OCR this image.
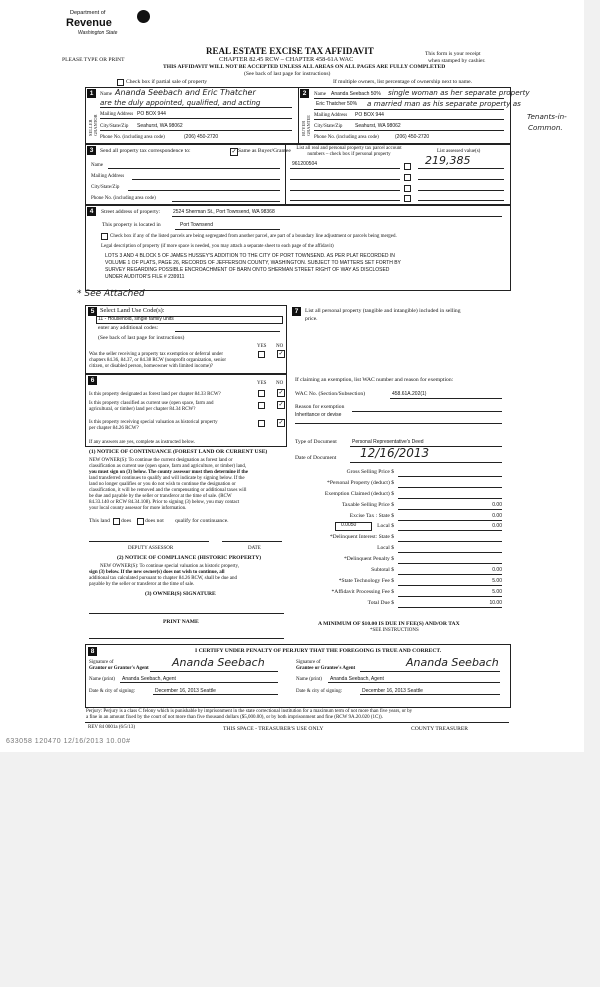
Department of
Revenue
Washington State
PLEASE TYPE OR PRINT
REAL ESTATE EXCISE TAX AFFIDAVIT
CHAPTER 82.45 RCW – CHAPTER 458-61A WAC
THIS AFFIDAVIT WILL NOT BE ACCEPTED UNLESS ALL AREAS ON ALL PAGES ARE FULLY COMPLETED
(See back of last page for instructions)
This form is your receipt
when stamped by cashier.
Check box if partial sale of property	If multiple owners, list percentage of ownership next to name.
1	2
SELLER GRANTOR	BUYER GRANTEE
Name Ananda Seebach and Eric Thatcher
are the duly appointed, qualified, and acting
Mailing Address PO BOX 944
City/State/Zip Seahurst, WA 98062
Phone No. (including area code)	(206) 450-2720
Name Ananda Seebach 50% single woman as her separate property
Eric Thatcher 50% a married man as his separate property as
Tenants-in-
Common.
Mailing Address PO BOX 944
City/State/Zip	Seahurst, WA 98062
Phone No. (including area code)	(206) 450-2720
3	Send all property tax correspondence to:	✓ Same as Buyer/Grantee
Name
Mailing Address
City/State/Zip
Phone No. (including area code)
List all real and personal property tax parcel account numbers – check box if personal property	List assessed value(s)
961200504	219,385
4	Street address of property:	2524 Sherman St., Port Townsend, WA 98368
This property is located in	Port Townsend
Check box if any of the listed parcels are being segregated from another parcel, are part of a boundary line adjustment or parcels being merged.
Legal description of property (if more space is needed, you may attach a separate sheet to each page of the affidavit)
LOTS 3 AND 4 BLOCK 5 OF JAMES HUSSEY'S ADDITION TO THE CITY OF PORT TOWNSEND. AS PER PLAT RECORDED IN
VOLUME 1 OF PLATS, PAGE 26, RECORDS OF JEFFERSON COUNTY, WASHINGTON. SUBJECT TO MATTERS SET FORTH BY
SURVEY REGARDING POSSIBLE ENCROACHMENT OF BARN ONTO SHERMAN STREET RIGHT OF WAY AS DISCLOSED
UNDER AUDITOR'S FILE # 239911
* See Attached
5 Select Land Use Code(s):
11 - Household, single family units
enter any additional codes:
(See back of last page for instructions)
YES NO
Was the seller receiving a property tax exemption or deferral under
chapters 84.36, 84.37, or 84.38 RCW (nonprofit organization, senior
citizen, or disabled person, homeowner with limited income)?
✓
7	List all personal property (tangible and intangible) included in selling
price.
6	YES NO
Is this property designated as forest land per chapter 84.33 RCW?	✓
Is this property classified as current use (open space, farm and
agricultural, or timber) land per chapter 84.34 RCW?
✓
Is this property receiving special valuation as historical property
per chapter 84.26 RCW?
✓
If any answers are yes, complete as instructed below.
(1) NOTICE OF CONTINUANCE (FOREST LAND OR CURRENT USE)
NEW OWNER(S): To continue the current designation as forest land or
classification as current use (open space, farm and agriculture, or timber) land,
you must sign on (3) below. The county assessor must then determine if the
land transferred continues to qualify and will indicate by signing below. If the
land no longer qualifies or you do not wish to continue the designation or
classification, it will be removed and the compensating or additional taxes will
be due and payable by the seller or transferor at the time of sale. (RCW
84.33.140 or RCW 84.34.108). Prior to signing (3) below, you may contact
your local county assessor for more information.
This land does does not qualify for continuance.
DEPUTY ASSESSOR	DATE
(2) NOTICE OF COMPLIANCE (HISTORIC PROPERTY)
NEW OWNER(S): To continue special valuation as historic property,
sign (3) below. If the new owner(s) does not wish to continue, all
additional tax calculated pursuant to chapter 84.26 RCW, shall be due and
payable by the seller or transferor at the time of sale.
(3) OWNER(S) SIGNATURE
PRINT NAME
If claiming an exemption, list WAC number and reason for exemption:
WAC No. (Section/Subsection)	458.61A.202(1)
Reason for exemption
Inheritance or devise
Type of Document	Personal Representative's Deed
Date of Document 12/16/2013
Gross Selling Price $
*Personal Property (deduct) $
Exemption Claimed (deduct) $
Taxable Selling Price $	0.00
Excise Tax : State $	0.00
0.0050	Local $	0.00
*Delinquent Interest: State $
Local $
*Delinquent Penalty $
Subtotal $	0.00
*State Technology Fee $	5.00
*Affidavit Processing Fee $	5.00
Total Due $	10.00
A MINIMUM OF $10.00 IS DUE IN FEE(S) AND/OR TAX
*SEE INSTRUCTIONS
8	I CERTIFY UNDER PENALTY OF PERJURY THAT THE FOREGOING IS TRUE AND CORRECT.
Signature of
Grantor or Grantor's Agent Ananda Seebach	Signature of
Grantee or Grantee's Agent	Ananda Seebach
Name (print) Ananda Seebach, Agent	Name (print) Ananda Seebach, Agent
Date & city of signing:	December 16, 2013 Seattle	Date & city of signing:	December 16, 2013 Seattle
Perjury: Perjury is a class C felony which is punishable by imprisonment in the state correctional institution for a maximum term of not more than five years, or by
a fine in an amount fixed by the court of not more than five thousand dollars ($5,000.00), or by both imprisonment and fine (RCW 9A.20.020 (1C)).
REV 84 0001a (6/5/13)	THIS SPACE - TREASURER'S USE ONLY	COUNTY TREASURER
633058 120470 12/16/2013 10.00#
